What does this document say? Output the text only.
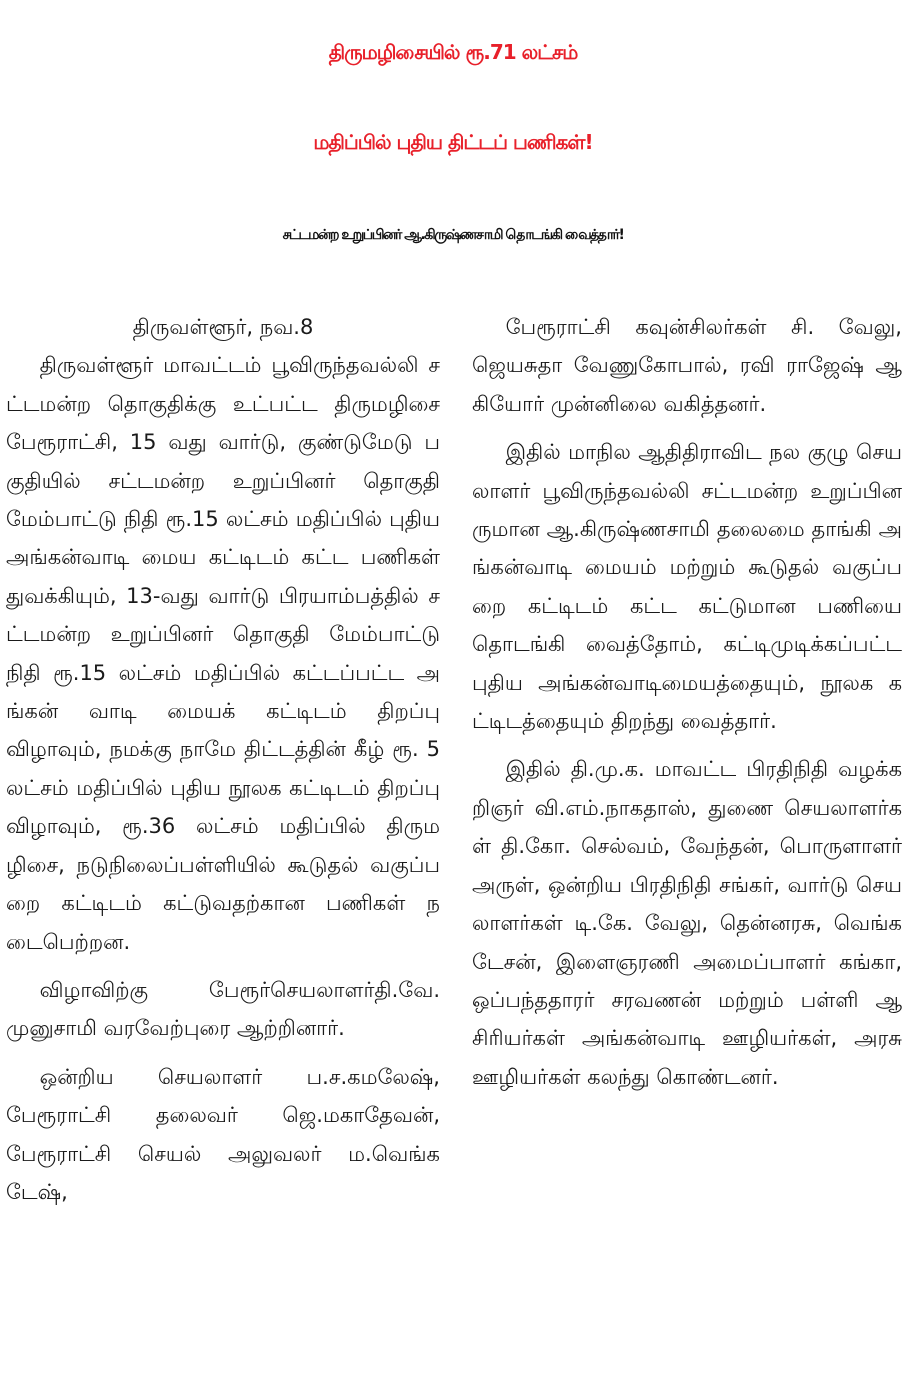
திருமழிசையில் ரூ.71 லட்சம்
மதிப்பில் புதிய திட்டப் பணிகள்!
சட்டமன்ற உறுப்பினர் ஆ.கிருஷ்ணசாமி தொடங்கி வைத்தார்!

திருவள்ளூர், நவ.8

திருவள்ளூர் மாவட்டம் பூவிருந்தவல்லி சட்டமன்ற தொகுதிக்கு உட்பட்ட திருமழிசை பேரூராட்சி, 15 வது வார்டு, குண்டுமேடு பகுதியில் சட்டமன்ற உறுப்பினர் தொகுதி மேம்பாட்டு நிதி ரூ.15 லட்சம் மதிப்பில் புதிய அங்கன்வாடி மைய கட்டிடம் கட்ட பணிகள் துவக்கியும், 13-வது வார்டு பிரயாம்பத்தில் சட்டமன்ற உறுப்பினர் தொகுதி மேம்பாட்டு நிதி ரூ.15 லட்சம் மதிப்பில் கட்டப்பட்ட அங்கன் வாடி மையக் கட்டிடம் திறப்பு விழாவும், நமக்கு நாமே திட்டத்தின் கீழ் ரூ. 5 லட்சம் மதிப்பில் புதிய நூலக கட்டிடம் திறப்பு விழாவும், ரூ.36 லட்சம் மதிப்பில் திருமழிசை, நடுநிலைப்பள்ளியில் கூடுதல் வகுப்பறை கட்டிடம் கட்டுவதற்கான பணிகள் நடைபெற்றன.

விழாவிற்கு பேரூர்செயலாளர்தி.வே.முனுசாமி வரவேற்புரை ஆற்றினார்.

ஒன்றிய செயலாளர் ப.ச.கமலேஷ், பேரூராட்சி தலைவர் ஜெ.மகாதேவன், பேரூராட்சி செயல் அலுவலர் ம.வெங்கடேஷ்,

பேரூராட்சி கவுன்சிலர்கள் சி. வேலு, ஜெயசுதா வேணுகோபால், ரவி ராஜேஷ் ஆகியோர் முன்னிலை வகித்தனர்.

இதில் மாநில ஆதிதிராவிட நல குழு செயலாளர் பூவிருந்தவல்லி சட்டமன்ற உறுப்பினருமான ஆ.கிருஷ்ணசாமி தலைமை தாங்கி அங்கன்வாடி மையம் மற்றும் கூடுதல் வகுப்பறை கட்டிடம் கட்ட கட்டுமான பணியை தொடங்கி வைத்தோம், கட்டிமுடிக்கப்பட்ட புதிய அங்கன்வாடிமையத்தையும், நூலக கட்டிடத்தையும் திறந்து வைத்தார்.

இதில் தி.மு.க. மாவட்ட பிரதிநிதி வழக்கறிஞர் வி.எம்.நாகதாஸ், துணை செயலாளர்கள் தி.கோ. செல்வம், வேந்தன், பொருளாளர் அருள், ஒன்றிய பிரதிநிதி சங்கர், வார்டு செயலாளர்கள் டி.கே. வேலு, தென்னரசு, வெங்கடேசன், இளைஞரணி அமைப்பாளர் கங்கா, ஒப்பந்ததாரர் சரவணன் மற்றும் பள்ளி ஆசிரியர்கள் அங்கன்வாடி ஊழியர்கள், அரசு ஊழியர்கள் கலந்து கொண்டனர்.
